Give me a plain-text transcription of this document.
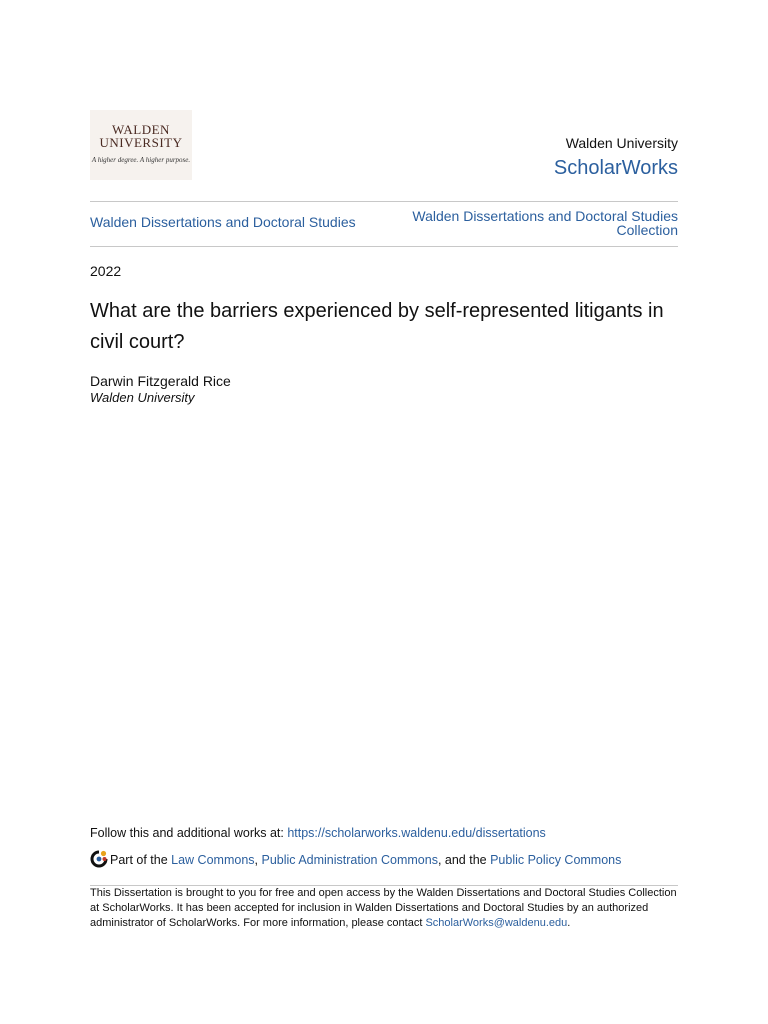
WALDEN
UNIVERSITY
A higher degree. A higher purpose.
Walden University
ScholarWorks
Walden Dissertations and Doctoral Studies	Walden Dissertations and Doctoral Studies
Collection
2022
What are the barriers experienced by self-represented litigants in civil court?
Darwin Fitzgerald Rice
Walden University
Follow this and additional works at: https://scholarworks.waldenu.edu/dissertations
Part of the Law Commons, Public Administration Commons, and the Public Policy Commons
This Dissertation is brought to you for free and open access by the Walden Dissertations and Doctoral Studies Collection at ScholarWorks. It has been accepted for inclusion in Walden Dissertations and Doctoral Studies by an authorized administrator of ScholarWorks. For more information, please contact ScholarWorks@waldenu.edu.
